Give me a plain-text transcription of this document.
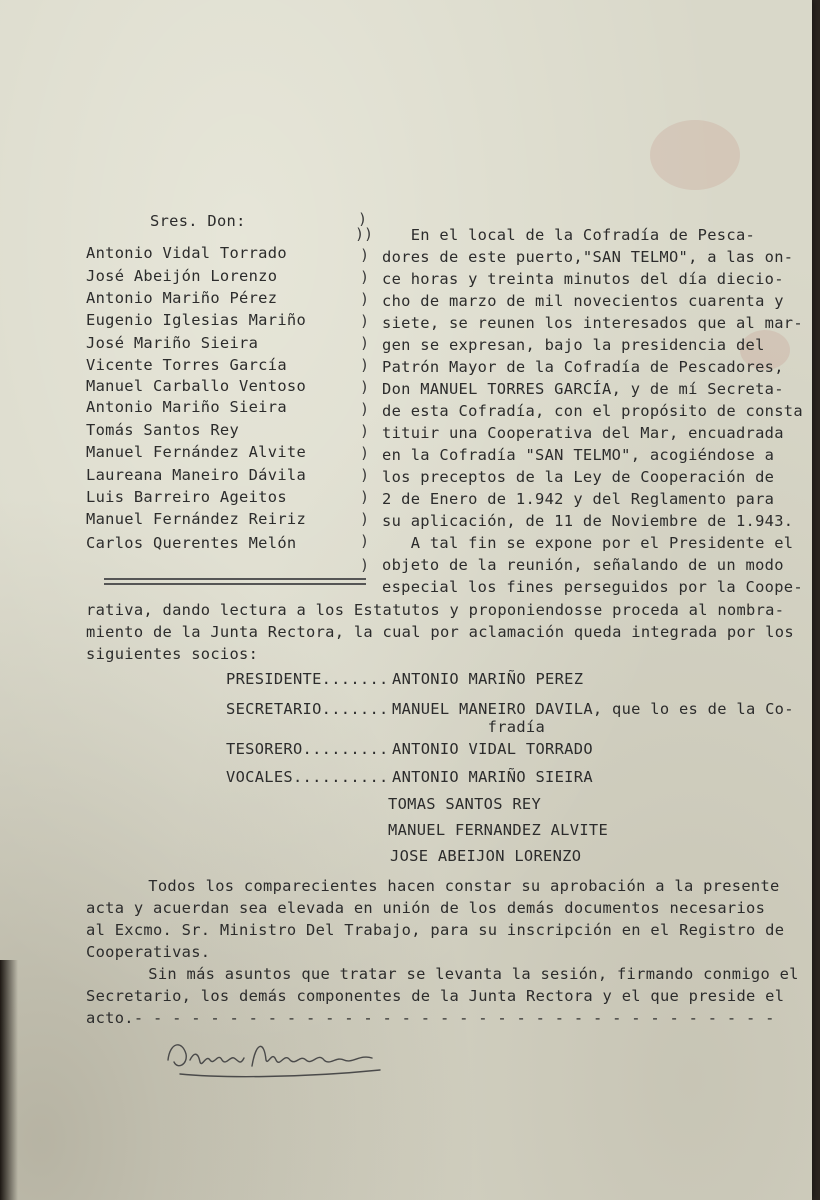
Sres. Don:
Antonio Vidal Torrado
José Abeijón Lorenzo
Antonio Mariño Pérez
Eugenio Iglesias Mariño
José Mariño Sieira
Vicente Torres García
Manuel Carballo Ventoso
Antonio Mariño Sieira
Tomás Santos Rey
Manuel Fernández Alvite
Laureana Maneiro Dávila
Luis Barreiro Ageitos
Manuel Fernández Reiriz
Carlos Querentes Melón
)
))
)
)
)
)
)
)
)
)
)
)
)
)
)
)
)
En el local de la Cofradía de Pesca-
dores de este puerto,"SAN TELMO", a las on-
ce horas y treinta minutos del día diecio-
cho de marzo de mil novecientos cuarenta y
siete, se reunen los interesados que al mar-
gen se expresan, bajo la presidencia del
Patrón Mayor de la Cofradía de Pescadores,
Don MANUEL TORRES GARCÍA, y de mí Secreta-
de esta Cofradía, con el propósito de consta
tituir una Cooperativa del Mar, encuadrada
en la Cofradía "SAN TELMO", acogiéndose a
los preceptos de la Ley de Cooperación de
2 de Enero de 1.942 y del Reglamento para
su aplicación, de 11 de Noviembre de 1.943.
A tal fin se expone por el Presidente el
objeto de la reunión, señalando de un modo
especial los fines perseguidos por la Coope-
rativa, dando lectura a los Estatutos y proponiendosse proceda al nombra-
miento de la Junta Rectora, la cual por aclamación queda integrada por los
siguientes socios:
PRESIDENTE....... ANTONIO MARIÑO PEREZ
SECRETARIO....... MANUEL MANEIRO DAVILA, que lo es de la Co-
fradía
TESORERO......... ANTONIO VIDAL TORRADO
VOCALES.......... ANTONIO MARIÑO SIEIRA
TOMAS SANTOS REY
MANUEL FERNANDEZ ALVITE
JOSE ABEIJON LORENZO
Todos los comparecientes hacen constar su aprobación a la presente
acta y acuerdan sea elevada en unión de los demás documentos necesarios
al Excmo. Sr. Ministro Del Trabajo, para su inscripción en el Registro de
Cooperativas.
Sin más asuntos que tratar se levanta la sesión, firmando conmigo el
Secretario, los demás componentes de la Junta Rectora y el que preside el
acto.- - - - - - - - - - - - - - - - - - - - - - - - - - - - - - - - - -
